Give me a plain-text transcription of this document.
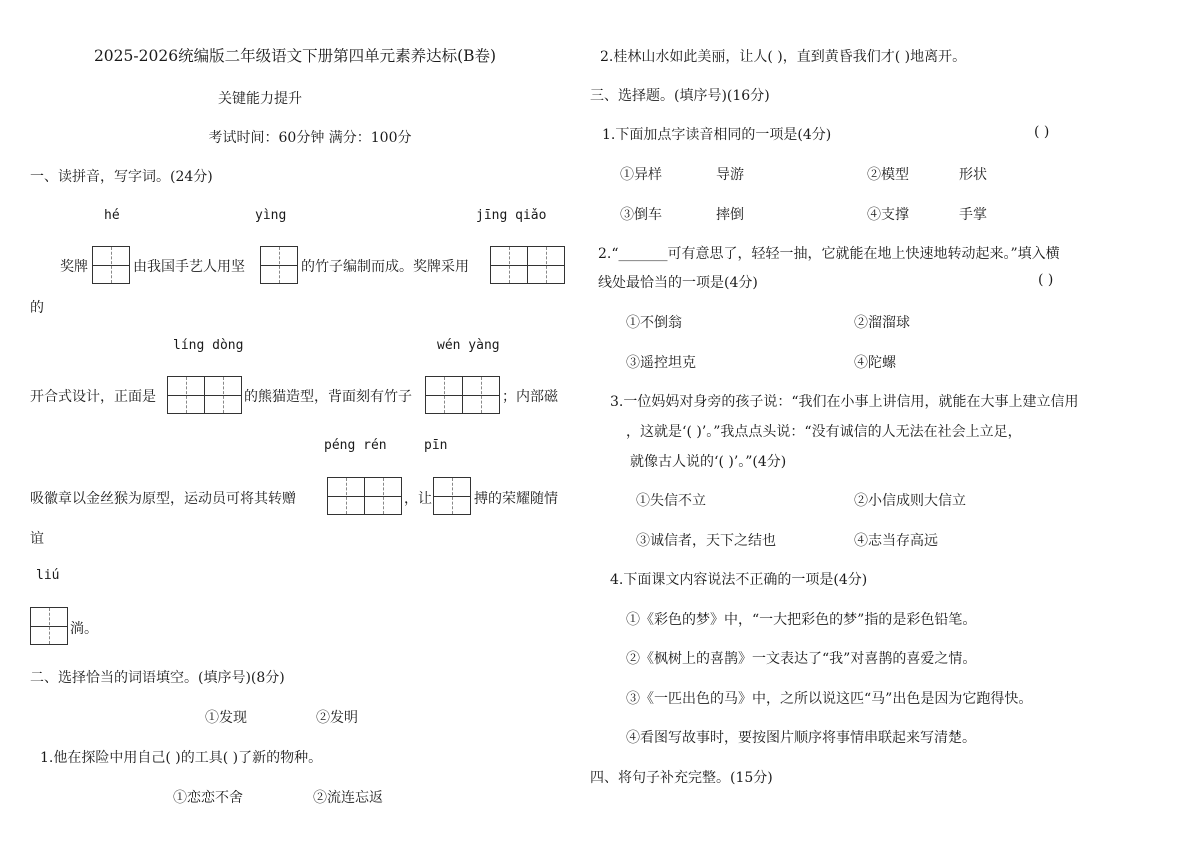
2025-2026统编版二年级语文下册第四单元素养达标(B卷)
关键能力提升
考试时间：60分钟 满分：100分
一、读拼音，写字词。(24分)
hé	yìng	jīng qiǎo
奖牌	由我国手艺人用坚	的竹子编制而成。奖牌采用
的
líng dòng	wén yàng
开合式设计，正面是	的熊猫造型，背面刻有竹子	；内部磁
péng rén	pīn
吸徽章以金丝猴为原型，运动员可将其转赠	，让	搏的荣耀随情
谊
liú
淌。
二、选择恰当的词语填空。(填序号)(8分)
①发现	②发明
1.他在探险中用自己( )的工具( )了新的物种。
①恋恋不舍	②流连忘返
2.桂林山水如此美丽，让人( )，直到黄昏我们才( )地离开。
三、选择题。(填序号)(16分)
1.下面加点字读音相同的一项是(4分)	( )
①异样	导游	②模型	形状
③倒车	摔倒	④支撑	手掌
2.“_______可有意思了，轻轻一抽，它就能在地上快速地转动起来。”填入横
线处最恰当的一项是(4分)	( )
①不倒翁	②溜溜球
③遥控坦克	④陀螺
3.一位妈妈对身旁的孩子说：“我们在小事上讲信用，就能在大事上建立信用
，这就是‘( )’。”我点点头说：“没有诚信的人无法在社会上立足，
就像古人说的‘( )’。”(4分)
①失信不立	②小信成则大信立
③诚信者，天下之结也	④志当存高远
4.下面课文内容说法不正确的一项是(4分)
①《彩色的梦》中，“一大把彩色的梦”指的是彩色铅笔。
②《枫树上的喜鹊》一文表达了“我”对喜鹊的喜爱之情。
③《一匹出色的马》中，之所以说这匹“马”出色是因为它跑得快。
④看图写故事时，要按图片顺序将事情串联起来写清楚。
四、将句子补充完整。(15分)
